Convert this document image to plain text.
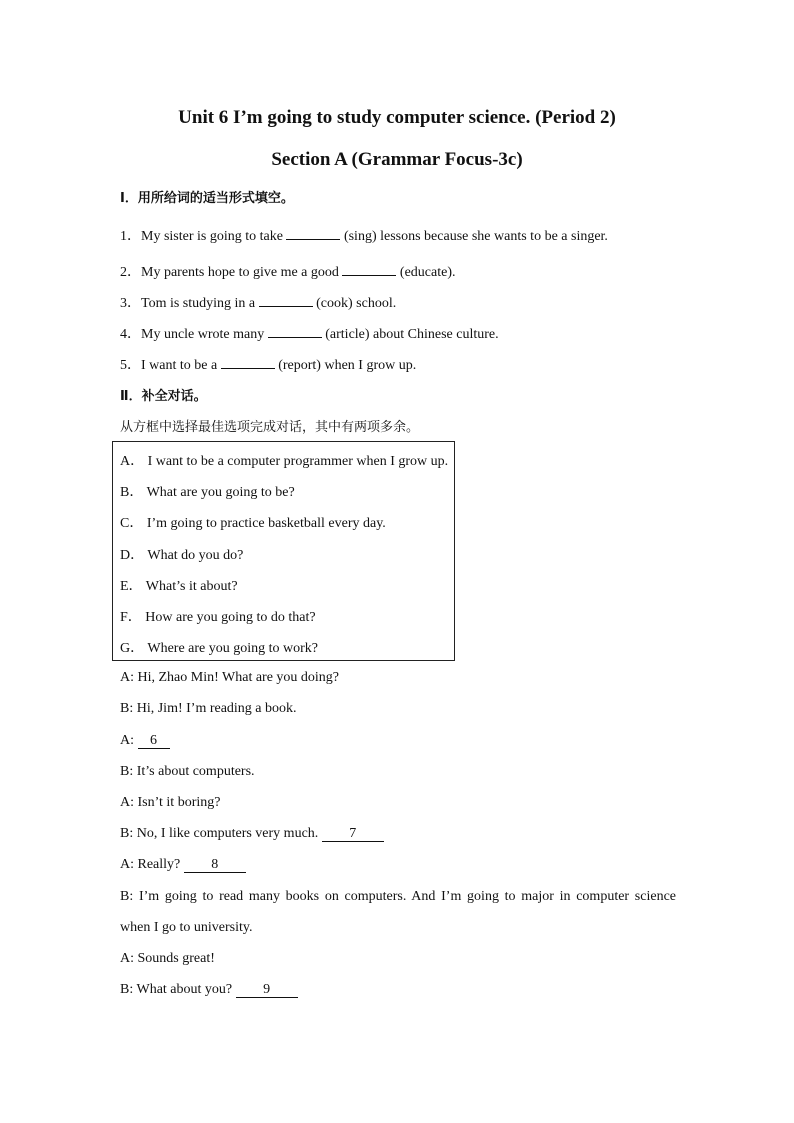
Unit 6 I’m going to study computer science. (Period 2)
Section A (Grammar Focus-3c)
Ⅰ．用所给词的适当形式填空。
1．My sister is going to take	(sing) lessons because she wants to be a singer.
2．My parents hope to give me a good	(educate).
3．Tom is studying in a	(cook) school.
4．My uncle wrote many	(article) about Chinese culture.
5．I want to be a	(report) when I grow up.
Ⅱ．补全对话。
从方框中选择最佳选项完成对话，其中有两项多余。
A． I want to be a computer programmer when I grow up.
B． What are you going to be?
C． I’m going to practice basketball every day.
D． What do you do?
E． What’s it about?
F． How are you going to do that?
G． Where are you going to work?
A: Hi, Zhao Min! What are you doing?
B: Hi, Jim! I’m reading a book.
A: 6
B: It’s about computers.
A: Isn’t it boring?
B: No, I like computers very much. 7
A: Really? 8
B: I’m going to read many books on computers. And I’m going to major in computer science
when I go to university.
A: Sounds great!
B: What about you? 9
